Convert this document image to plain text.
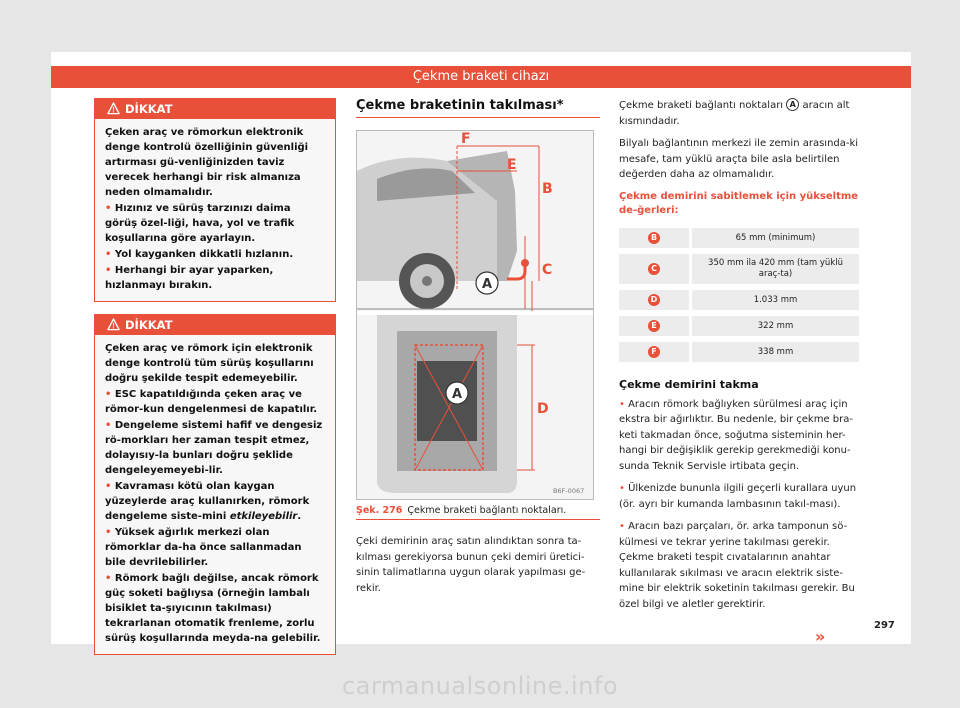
Çekme braketi cihazı
DİKKAT

Çeken araç ve römorkun elektronik denge kontrolü özelliğinin güvenliği artırması gü-venliğinizden taviz verecek herhangi bir risk almanıza neden olmamalıdır.

• Hızınız ve sürüş tarzınızı daima görüş özel-liği, hava, yol ve trafik koşullarına göre ayarlayın.

• Yol kayganken dikkatli hızlanın.

• Herhangi bir ayar yaparken, hızlanmayı bırakın.

DİKKAT

Çeken araç ve römork için elektronik denge kontrolü tüm sürüş koşullarını doğru şekilde tespit edemeyebilir.

• ESC kapatıldığında çeken araç ve römor-kun dengelenmesi de kapatılır.

• Dengeleme sistemi hafif ve dengesiz rö-morkları her zaman tespit etmez, dolayısıy-la bunları doğru şeklide dengeleyemeyebi-lir.

• Kavraması kötü olan kaygan yüzeylerde araç kullanırken, römork dengeleme siste-mini etkileyebilir.

• Yüksek ağırlık merkezi olan römorklar da-ha önce sallanmadan bile devrilebilirler.

• Römork bağlı değilse, ancak römork güç soketi bağlıysa (örneğin lambalı bisiklet ta-şıyıcının takılması) tekrarlanan otomatik frenleme, zorlu sürüş koşullarında meyda-na gelebilir.

Çekme braketinin takılması*
F
E
B
C
A
D
A
B6F-0067
Şek. 276 Çekme braketi bağlantı noktaları.
Çeki demirinin araç satın alındıktan sonra ta-kılması gerekiyorsa bunun çeki demiri üretici-sinin talimatlarına uygun olarak yapılması ge-rekir.

Çekme braketi bağlantı noktaları A aracın alt kısmındadır.

Bilyalı bağlantının merkezi ile zemin arasında-ki mesafe, tam yüklü araçta bile asla belirtilen değerden daha az olmamalıdır.

Çekme demirini sabitlemek için yükseltme de-ğerleri:
B	65 mm (minimum)
C	350 mm ila 420 mm (tam yüklü araç-ta)
D	1.033 mm
E	322 mm
F	338 mm
Çekme demirini takma

• Aracın römork bağlıyken sürülmesi araç için ekstra bir ağırlıktır. Bu nedenle, bir çekme bra-keti takmadan önce, soğutma sisteminin her-hangi bir değişiklik gerekip gerekmediği konu-sunda Teknik Servisle irtibata geçin.

• Ülkenizde bununla ilgili geçerli kurallara uyun (ör. ayrı bir kumanda lambasının takıl-ması).

• Aracın bazı parçaları, ör. arka tamponun sö-külmesi ve tekrar yerine takılması gerekir. Çekme braketi tespit cıvatalarının anahtar kullanılarak sıkılması ve aracın elektrik siste-mine bir elektrik soketinin takılması gerekir. Bu özel bilgi ve aletler gerektirir.

»
297
carmanualsonline.info
